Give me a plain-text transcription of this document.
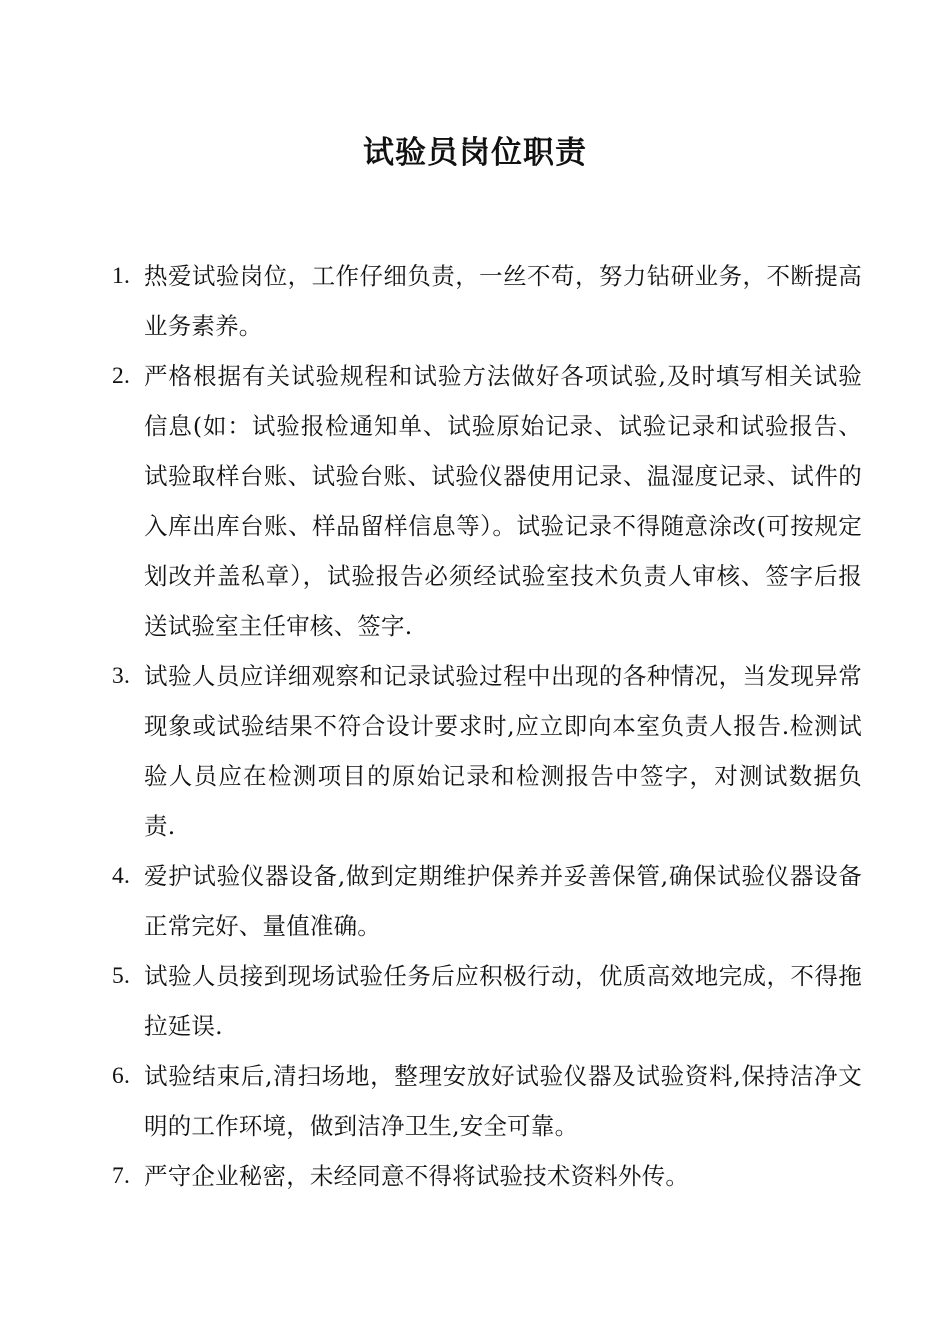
试验员岗位职责
1. 热爱试验岗位，工作仔细负责，一丝不苟，努力钻研业务，不断提高业务素养。
2. 严格根据有关试验规程和试验方法做好各项试验,及时填写相关试验信息(如：试验报检通知单、试验原始记录、试验记录和试验报告、试验取样台账、试验台账、试验仪器使用记录、温湿度记录、试件的入库出库台账、样品留样信息等）。试验记录不得随意涂改(可按规定划改并盖私章），试验报告必须经试验室技术负责人审核、签字后报送试验室主任审核、签字.
3. 试验人员应详细观察和记录试验过程中出现的各种情况，当发现异常现象或试验结果不符合设计要求时,应立即向本室负责人报告.检测试验人员应在检测项目的原始记录和检测报告中签字，对测试数据负责.
4. 爱护试验仪器设备,做到定期维护保养并妥善保管,确保试验仪器设备正常完好、量值准确。
5. 试验人员接到现场试验任务后应积极行动，优质高效地完成，不得拖拉延误.
6. 试验结束后,清扫场地，整理安放好试验仪器及试验资料,保持洁净文明的工作环境，做到洁净卫生,安全可靠。
7. 严守企业秘密，未经同意不得将试验技术资料外传。
